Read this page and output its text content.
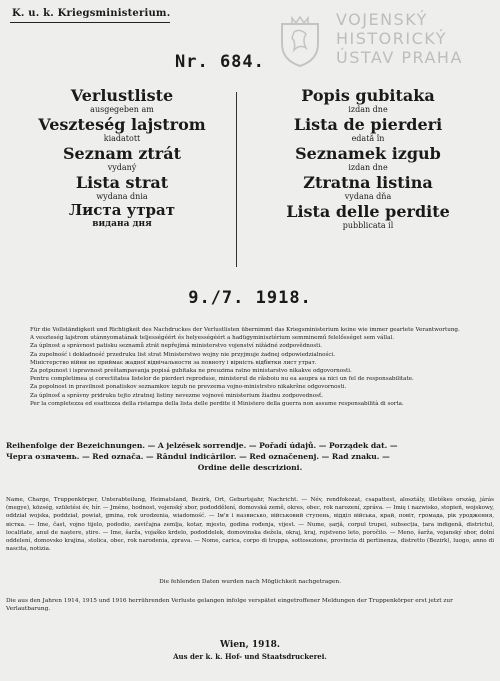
K. u. k. Kriegsministerium.	VOJENSKÝ
HISTORICKÝ
ÚSTAV PRAHA
Nr. 684.
Verlustliste
ausgegeben am
Veszteség lajstrom
kiadatott
Seznam ztrát
vydaný
Lista strat
wydana dnia
Листа утрат
видана дня
Popis gubitaka
izdan dne
Lista de pierderi
edată în
Seznamek izgub
izdan dne
Ztratna listina
vydana dňa
Lista delle perdite
pubblicata il
9./7. 1918.

Für die Vollständigkeit und Richtigkeit des Nachdruckes der Verlustlisten übernimmt das Kriegsministerium keine wie immer geartete Verantwortung.

A veszteség lajstrom utánnyomatának teljességéért és helyességéért a hadügyminisztérium semminemű felelősséget sem vállal.

Za úplnost a správnost patisku seznamů ztrát nepřejímá ministerstvo vojenství nižádné zodpovědnosti.

Za zupełność i dokładność przedruku list strat Ministerstwo wojny nie przyjmuje żadnej odpowiedzialności.

Міністерство війни не приймає жадної відвічальности за повноту і вірність відбитки лист утрат.

Za potpunost i ispravnost preštampavanja popisá gubitaka ne preuzima ratno ministarstvo nikakve odgovornosti.

Pentru completimea și corectitatea listelor de pierderi reproduse, ministerul de răsboiu nu ea asupra sa nici un fel de responsabilitate.

Za popolnost in pravilnost ponatiskov seznamkov izgub ne prevzema vojno-ministrstvo nikakršne odgovornosti.

Za úplnosť a správny pridruku tejto ztratnej listiny nevezme vojnové ministerium žiadnu zodpovednosť.

Per la completezza ed esattezza della ristampa della lista delle perdite il Ministero della guerra non assume responsabilità di sorta.

Reihenfolge der Bezeichnungen. — A jelzések sorrendje. — Pořadí údajů. — Porządek dat. —
Черга означень. — Red označa. — Rândul indicărilor. — Red označenenj. — Rad znaku. —
Ordine delle descrizioni.
Name, Charge, Truppenkörper, Unterabteilung, Heimatsland, Bezirk, Ort, Geburtsjahr, Nachricht. — Név, rendfokozat, csapattest, alosztály, illetékes ország, járás (megye), község, születési év, hír. — Jméno, hodnost, vojenský sbor, pododdělení, domovská země, okres, obec, rok narození, zpráva. — Imię i nazwisko, stopień, wojskowy, oddział wojska, poddział, powiat, gmina, rok urodzenia, wiadomość. — Ім'я і назвисько, військовий ступень, відділ війська, край, повіт, громада, рік уродження, вістка. — Ime, čast, vojno tijelo, pododio, zavičajna zemlja, kotar, mjesto, godina rođenja, vijest. — Nume, șarjă, corpul trupei, subsecția, țara indigenă, districtul, localitate, anul de naștere, știre. — Ime, šarža, vojaško krdelo, pododdelek, domovinska dežela, okraj, kraj, rojstveno leto, poročilo. — Meno, šarža, vojanský sbor, dolní oddelení, domovsko krajina, stolica, obec, rok narodenia, zprava. — Nome, carica, corpo di truppa, sottosezione, provincia di pertinenza, distretto (Bezirk), luogo, anno di nascita, notizia.
Die fehlenden Daten wurden nach Möglichkeit nachgetragen.
Die aus den Jahren 1914, 1915 und 1916 herrührenden Verluste gelangen infolge verspätet eingetroffener Meldungen der Truppenkörper erst jetzt zur Verlautbarung.
Wien, 1918.
Aus der k. k. Hof- und Staatsdruckerei.
